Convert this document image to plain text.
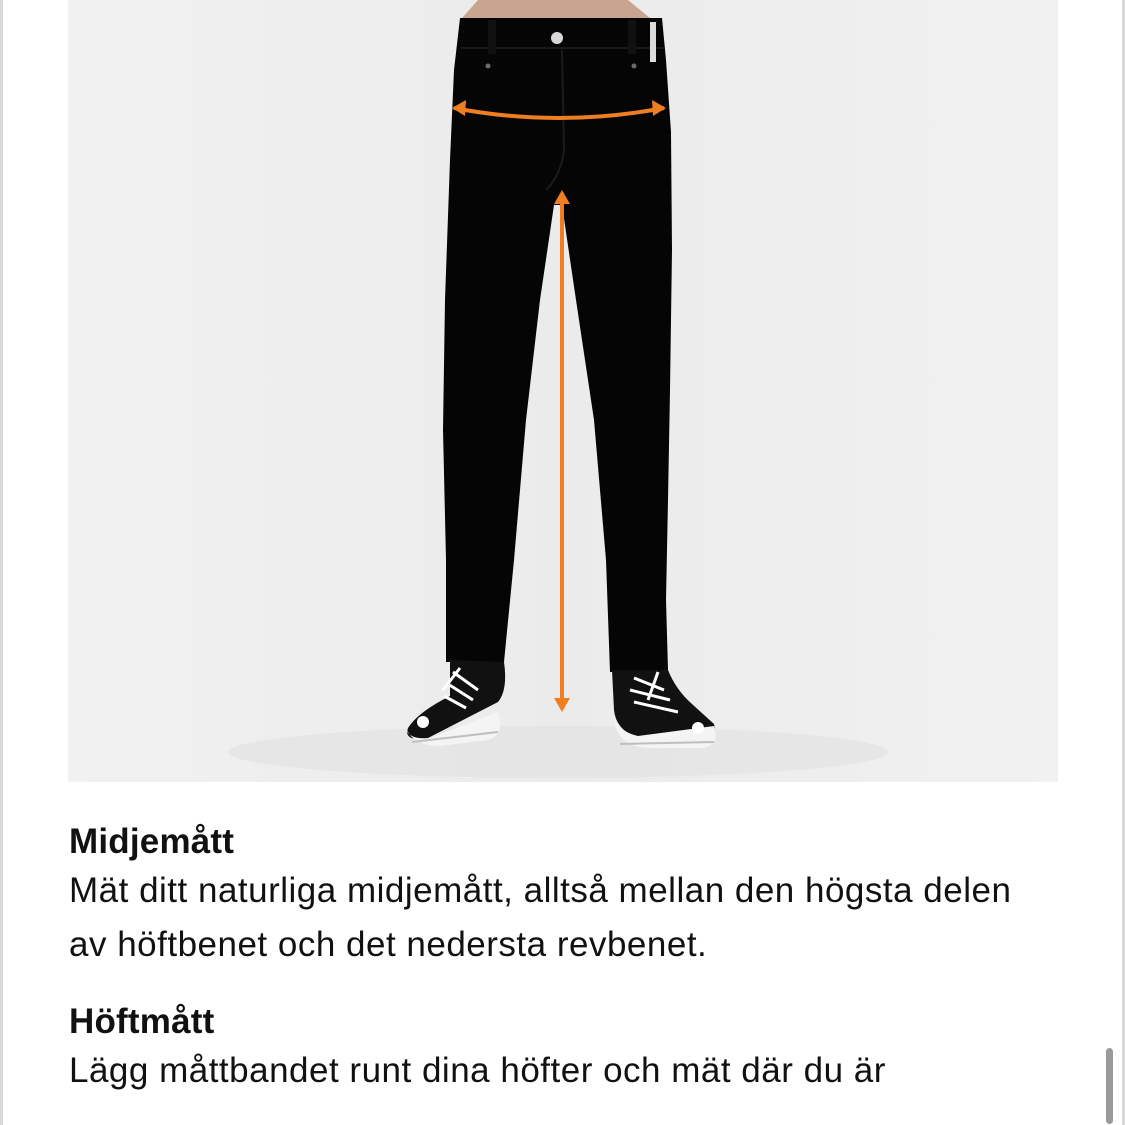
Midjemått

Mät ditt naturliga midjemått, alltså mellan den högsta delen av höftbenet och det nedersta revbenet.

Höftmått

Lägg måttbandet runt dina höfter och mät där du är
